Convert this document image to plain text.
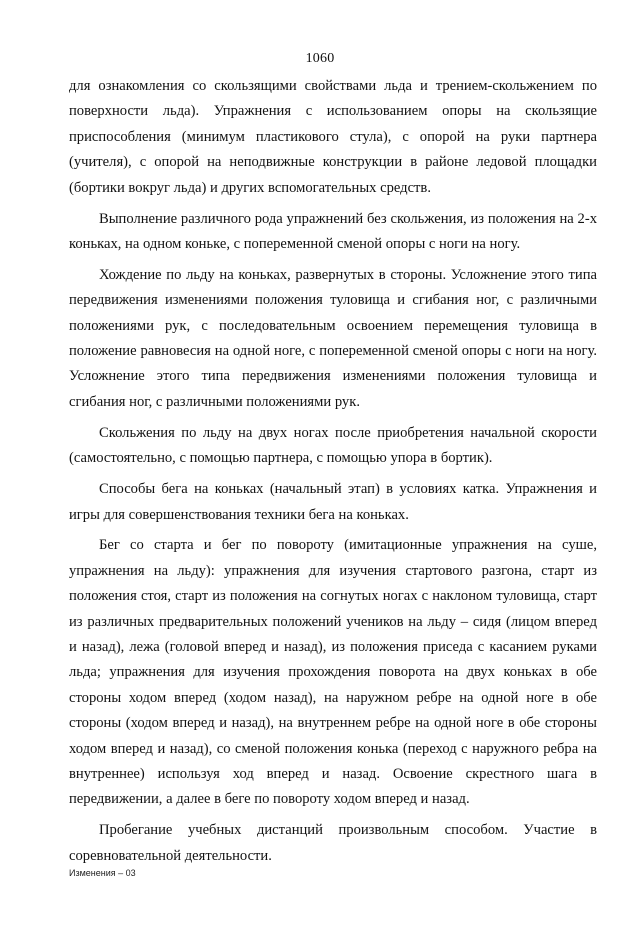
1060

для ознакомления со скользящими свойствами льда и трением-скольжением по поверхности льда). Упражнения с использованием опоры на скользящие приспособления (минимум пластикового стула), с опорой на руки партнера (учителя), с опорой на неподвижные конструкции в районе ледовой площадки (бортики вокруг льда) и других вспомогательных средств.

Выполнение различного рода упражнений без скольжения, из положения на 2-х коньках, на одном коньке, с попеременной сменой опоры с ноги на ногу.

Хождение по льду на коньках, развернутых в стороны. Усложнение этого типа передвижения изменениями положения туловища и сгибания ног, с различными положениями рук, с последовательным освоением перемещения туловища в положение равновесия на одной ноге, с попеременной сменой опоры с ноги на ногу. Усложнение этого типа передвижения изменениями положения туловища и сгибания ног, с различными положениями рук.

Скольжения по льду на двух ногах после приобретения начальной скорости (самостоятельно, с помощью партнера, с помощью упора в бортик).

Способы бега на коньках (начальный этап) в условиях катка. Упражнения и игры для совершенствования техники бега на коньках.

Бег со старта и бег по повороту (имитационные упражнения на суше, упражнения на льду): упражнения для изучения стартового разгона, старт из положения стоя, старт из положения на согнутых ногах с наклоном туловища, старт из различных предварительных положений учеников на льду – сидя (лицом вперед и назад), лежа (головой вперед и назад), из положения приседа с касанием руками льда; упражнения для изучения прохождения поворота на двух коньках в обе стороны ходом вперед (ходом назад), на наружном ребре на одной ноге в обе стороны (ходом вперед и назад), на внутреннем ребре на одной ноге в обе стороны ходом вперед и назад), со сменой положения конька (переход с наружного ребра на внутреннее) используя ход вперед и назад. Освоение скрестного шага в передвижении, а далее в беге по повороту ходом вперед и назад.

Пробегание учебных дистанций произвольным способом. Участие в соревновательной деятельности.

Изменения – 03
